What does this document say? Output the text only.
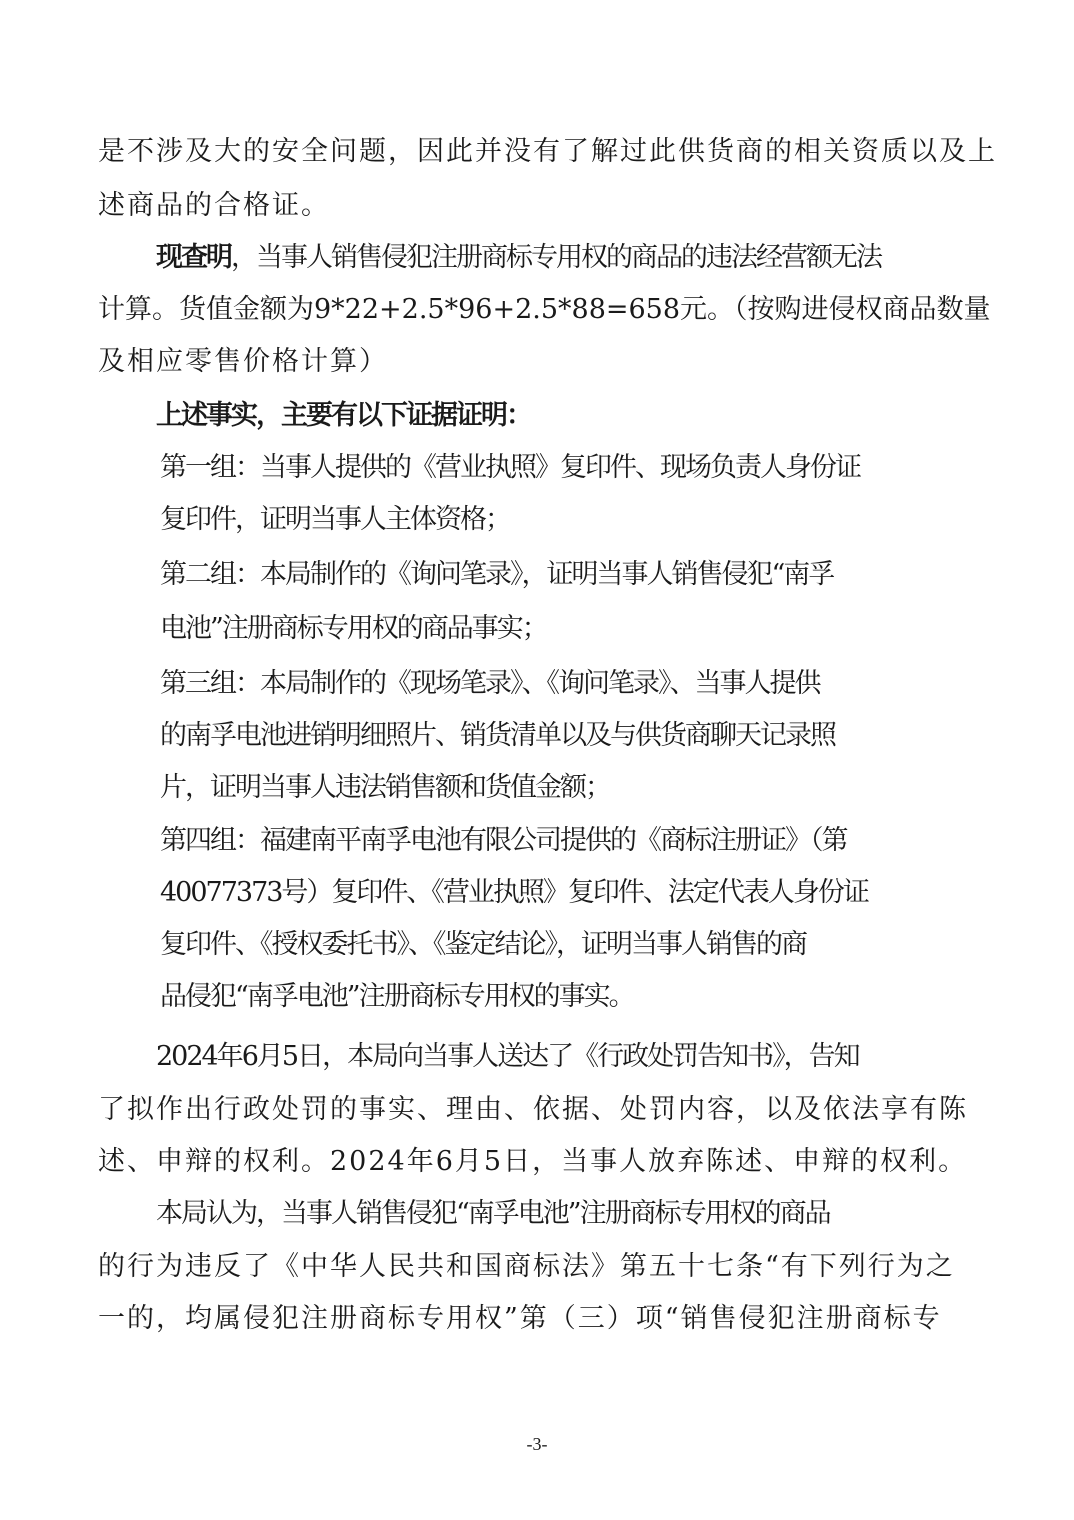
是不涉及大的安全问题，因此并没有了解过此供货商的相关资质以及上
述商品的合格证。
现查明，当事人销售侵犯注册商标专用权的商品的违法经营额无法
计算。货值金额为9*22+2.5*96+2.5*88=658元。（按购进侵权商品数量
及相应零售价格计算）
上述事实，主要有以下证据证明：
第一组：当事人提供的《营业执照》复印件、现场负责人身份证
复印件，证明当事人主体资格；
第二组：本局制作的《询问笔录》，证明当事人销售侵犯“南孚
电池”注册商标专用权的商品事实；
第三组：本局制作的《现场笔录》、《询问笔录》、当事人提供
的南孚电池进销明细照片、销货清单以及与供货商聊天记录照
片，证明当事人违法销售额和货值金额；
第四组：福建南平南孚电池有限公司提供的《商标注册证》（第
40077373号）复印件、《营业执照》复印件、法定代表人身份证
复印件、《授权委托书》、《鉴定结论》，证明当事人销售的商
品侵犯“南孚电池”注册商标专用权的事实。
2024年6月5日，本局向当事人送达了《行政处罚告知书》，告知
了拟作出行政处罚的事实、理由、依据、处罚内容，以及依法享有陈
述、申辩的权利。2024年6月5日，当事人放弃陈述、申辩的权利。
本局认为，当事人销售侵犯“南孚电池”注册商标专用权的商品
的行为违反了《中华人民共和国商标法》第五十七条“有下列行为之
一的，均属侵犯注册商标专用权”第（三）项“销售侵犯注册商标专
-3-
